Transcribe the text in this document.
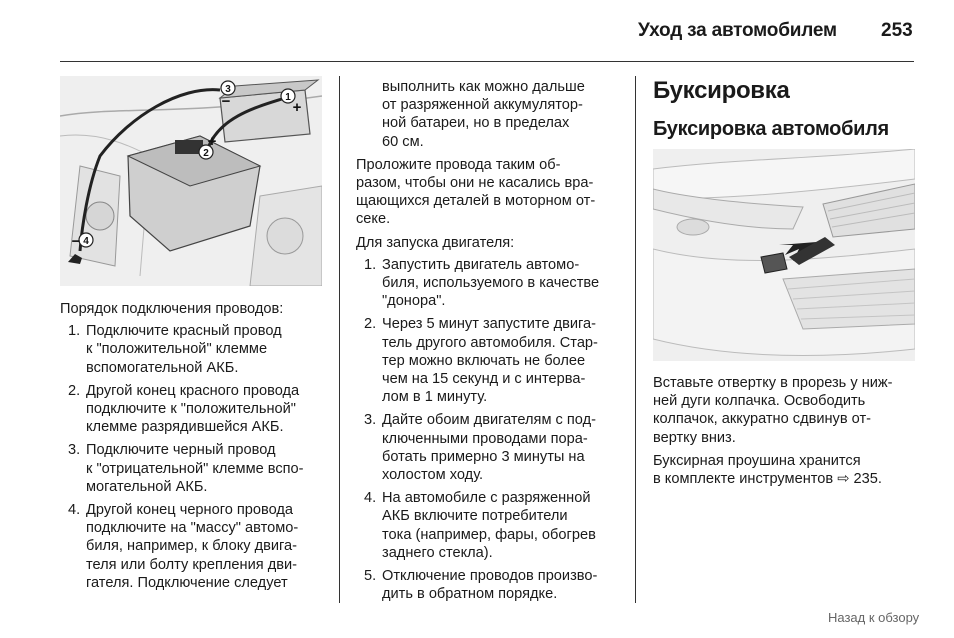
Уход за автомобилем 253
1
2
3
4
+
+
−
−

Порядок подключения проводов:

1. Подключите красный провод
к "положительной" клемме
вспомогательной АКБ.
2. Другой конец красного провода
подключите к "положительной"
клемме разрядившейся АКБ.
3. Подключите черный провод
к "отрицательной" клемме вспо-
могательной АКБ.
4. Другой конец черного провода
подключите на "массу" автомо-
биля, например, к блоку двига-
теля или болту крепления дви-
гателя. Подключение следует
выполнить как можно дальше
от разряженной аккумулятор-
ной батареи, но в пределах
60 см.
Проложите провода таким об-
разом, чтобы они не касались вра-
щающихся деталей в моторном от-
секе.

Для запуска двигателя:

1. Запустить двигатель автомо-
биля, используемого в качестве
"донора".
2. Через 5 минут запустите двига-
тель другого автомобиля. Стар-
тер можно включать не более
чем на 15 секунд и с интерва-
лом в 1 минуту.
3. Дайте обоим двигателям с под-
ключенными проводами пора-
ботать примерно 3 минуты на
холостом ходу.
4. На автомобиле с разряженной
АКБ включите потребители
тока (например, фары, обогрев
заднего стекла).
5. Отключение проводов произво-
дить в обратном порядке.
Буксировка
Буксировка автомобиля
Вставьте отвертку в прорезь у ниж-
ней дуги колпачка. Освободить
колпачок, аккуратно сдвинув от-
вертку вниз.
Буксирная проушина хранится
в комплекте инструментов ⇨ 235.
Назад к обзору
